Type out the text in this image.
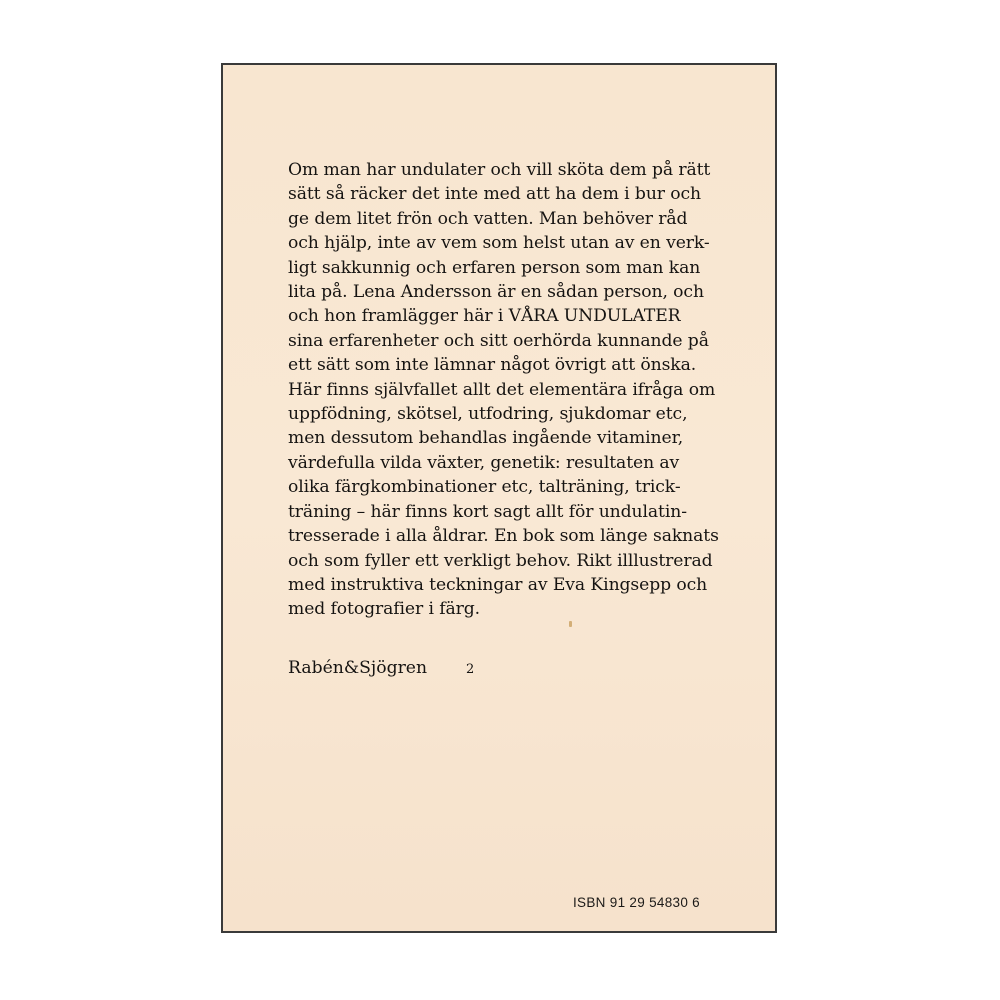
Om man har undulater och vill sköta dem på rätt
sätt så räcker det inte med att ha dem i bur och
ge dem litet frön och vatten. Man behöver råd
och hjälp, inte av vem som helst utan av en verk-
ligt sakkunnig och erfaren person som man kan
lita på. Lena Andersson är en sådan person, och
och hon framlägger här i VÅRA UNDULATER
sina erfarenheter och sitt oerhörda kunnande på
ett sätt som inte lämnar något övrigt att önska.
Här finns självfallet allt det elementära ifråga om
uppfödning, skötsel, utfodring, sjukdomar etc,
men dessutom behandlas ingående vitaminer,
värdefulla vilda växter, genetik: resultaten av
olika färgkombinationer etc, talträning, trick-
träning – här finns kort sagt allt för undulatin-
tresserade i alla åldrar. En bok som länge saknats
och som fyller ett verkligt behov. Rikt illlustrerad
med instruktiva teckningar av Eva Kingsepp och
med fotografier i färg.

Rabén&Sjögren	2
ISBN 91 29 54830 6
